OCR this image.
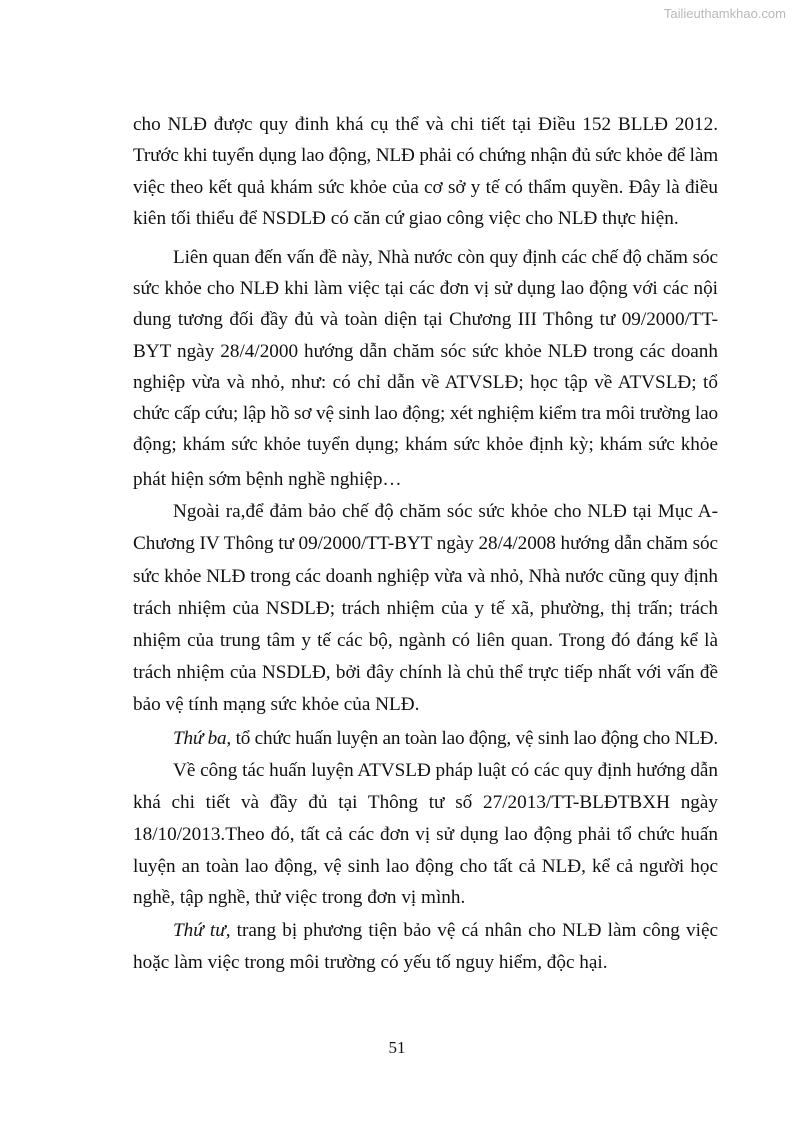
Tailieuthamkhao.com
cho NLĐ được quy đinh khá cụ thể và chi tiết tại Điều 152 BLLĐ 2012.
Trước khi tuyển dụng lao động, NLĐ phải có chứng nhận đủ sức khỏe để làm
việc theo kết quả khám sức khỏe của cơ sở y tế có thẩm quyền. Đây là điều
kiên tối thiểu để NSDLĐ có căn cứ giao công việc cho NLĐ thực hiện.
Liên quan đến vấn đề này, Nhà nước còn quy định các chế độ chăm sóc
sức khỏe cho NLĐ khi làm việc tại các đơn vị sử dụng lao động với các nội
dung tương đối đầy đủ và toàn diện tại Chương III Thông tư 09/2000/TT-
BYT ngày 28/4/2000 hướng dẫn chăm sóc sức khỏe NLĐ trong các doanh
nghiệp vừa và nhỏ, như: có chỉ dẫn về ATVSLĐ; học tập về ATVSLĐ; tổ
chức cấp cứu; lập hồ sơ vệ sinh lao động; xét nghiệm kiểm tra môi trường lao
động; khám sức khỏe tuyển dụng; khám sức khỏe định kỳ; khám sức khỏe
phát hiện sớm bệnh nghề nghiệp…
Ngoài ra,để đảm bảo chế độ chăm sóc sức khỏe cho NLĐ tại Mục A-
Chương IV Thông tư 09/2000/TT-BYT ngày 28/4/2008 hướng dẫn chăm sóc
sức khỏe NLĐ trong các doanh nghiệp vừa và nhỏ, Nhà nước cũng quy định
trách nhiệm của NSDLĐ; trách nhiệm của y tế xã, phường, thị trấn; trách
nhiệm của trung tâm y tế các bộ, ngành có liên quan. Trong đó đáng kể là
trách nhiệm của NSDLĐ, bởi đây chính là chủ thể trực tiếp nhất với vấn đề
bảo vệ tính mạng sức khỏe của NLĐ.
Thứ ba, tổ chức huấn luyện an toàn lao động, vệ sinh lao động cho NLĐ.
Về công tác huấn luyện ATVSLĐ pháp luật có các quy định hướng dẫn
khá chi tiết và đầy đủ tại Thông tư số 27/2013/TT-BLĐTBXH ngày
18/10/2013.Theo đó, tất cả các đơn vị sử dụng lao động phải tổ chức huấn
luyện an toàn lao động, vệ sinh lao động cho tất cả NLĐ, kể cả người học
nghề, tập nghề, thử việc trong đơn vị mình.
Thứ tư, trang bị phương tiện bảo vệ cá nhân cho NLĐ làm công việc
hoặc làm việc trong môi trường có yếu tố nguy hiểm, độc hại.
51
